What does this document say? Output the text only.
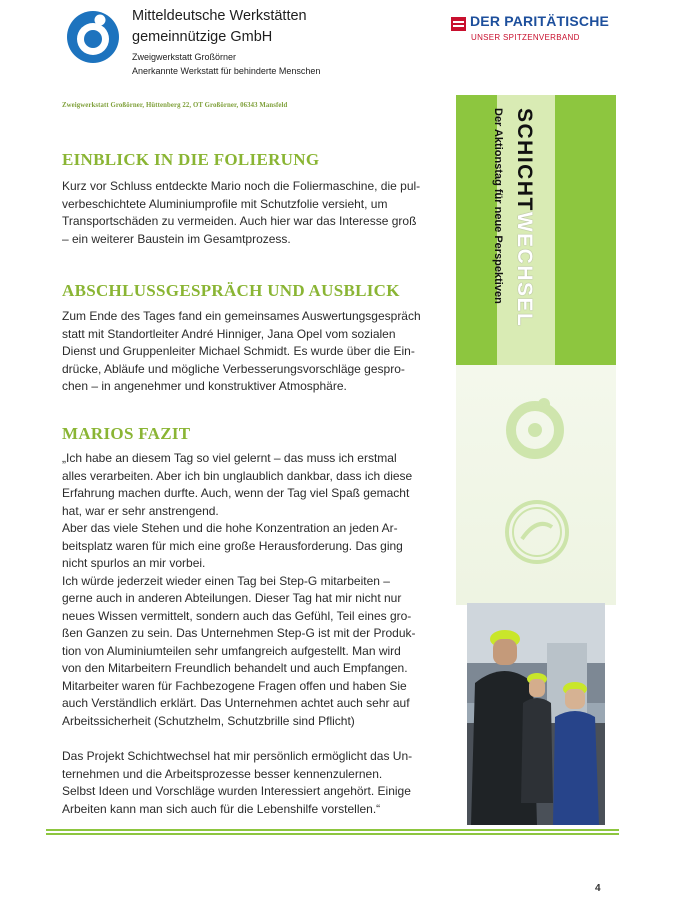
Mitteldeutsche Werkstätten
gemeinnützige GmbH
Zweigwerkstatt Großörner
Anerkannte Werkstatt für behinderte Menschen
DER PARITÄTISCHE
UNSER SPITZENVERBAND
Zweigwerkstatt Großörner, Hüttenberg 22, OT Großörner, 06343 Mansfeld
SCHICHTWECHSEL
Der Aktionstag für neue Perspektiven
EINBLICK IN DIE FOLIERUNG
Kurz vor Schluss entdeckte Mario noch die Foliermaschine, die pul-
verbeschichtete Aluminiumprofile mit Schutzfolie versieht, um
Transportschäden zu vermeiden. Auch hier war das Interesse groß
– ein weiterer Baustein im Gesamtprozess.
ABSCHLUSSGESPRÄCH UND AUSBLICK
Zum Ende des Tages fand ein gemeinsames Auswertungsgespräch
statt mit Standortleiter André Hinniger, Jana Opel vom sozialen
Dienst und Gruppenleiter Michael Schmidt. Es wurde über die Ein-
drücke, Abläufe und mögliche Verbesserungsvorschläge gespro-
chen – in angenehmer und konstruktiver Atmosphäre.
MARIOS FAZIT
„Ich habe an diesem Tag so viel gelernt – das muss ich erstmal
alles verarbeiten. Aber ich bin unglaublich dankbar, dass ich diese
Erfahrung machen durfte. Auch, wenn der Tag viel Spaß gemacht
hat, war er sehr anstrengend.
Aber das viele Stehen und die hohe Konzentration an jeden Ar-
beitsplatz waren für mich eine große Herausforderung. Das ging
nicht spurlos an mir vorbei.
Ich würde jederzeit wieder einen Tag bei Step-G mitarbeiten –
gerne auch in anderen Abteilungen. Dieser Tag hat mir nicht nur
neues Wissen vermittelt, sondern auch das Gefühl, Teil eines gro-
ßen Ganzen zu sein. Das Unternehmen Step-G ist mit der Produk-
tion von Aluminiumteilen sehr umfangreich aufgestellt. Man wird
von den Mitarbeitern Freundlich behandelt und auch Empfangen.
Mitarbeiter waren für Fachbezogene Fragen offen und haben Sie
auch Verständlich erklärt. Das Unternehmen achtet auch sehr auf
Arbeitssicherheit (Schutzhelm, Schutzbrille sind Pflicht)
Das Projekt Schichtwechsel hat mir persönlich ermöglicht das Un-
ternehmen und die Arbeitsprozesse besser kennenzulernen.
Selbst Ideen und Vorschläge wurden Interessiert angehört. Einige
Arbeiten kann man sich auch für die Lebenshilfe vorstellen.“
4
